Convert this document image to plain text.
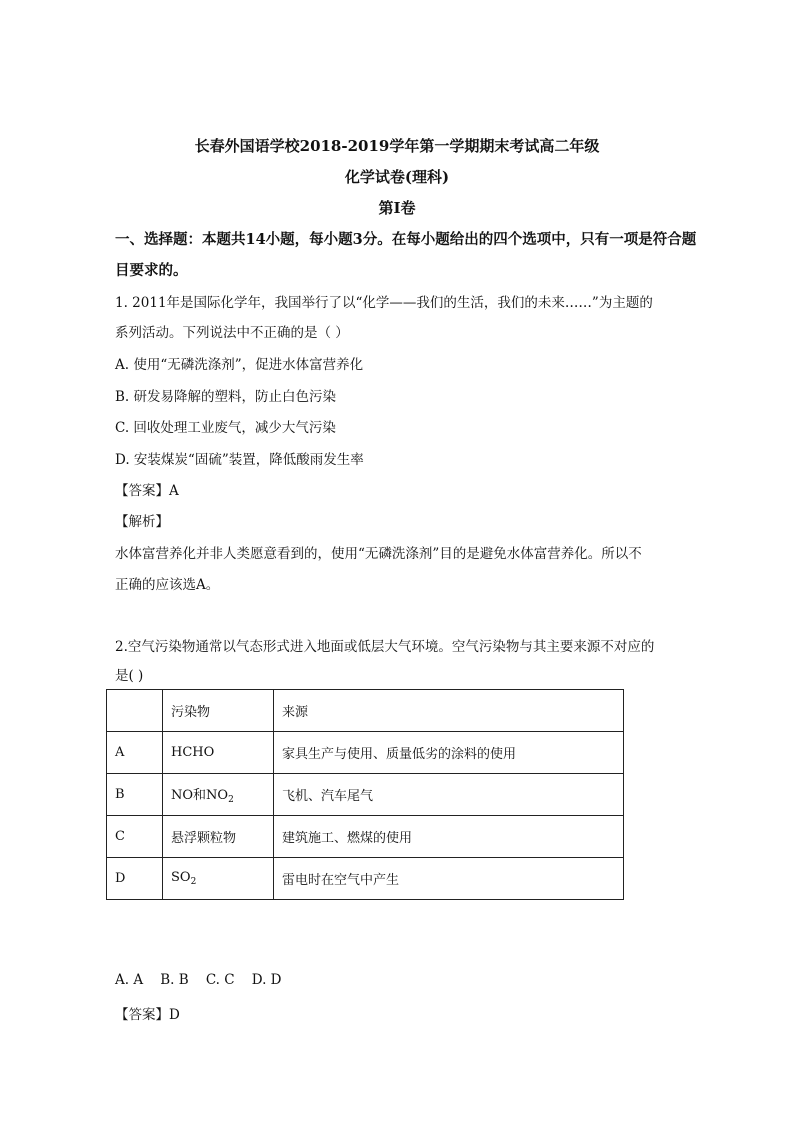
长春外国语学校2018-2019学年第一学期期末考试高二年级
化学试卷(理科)
第Ⅰ卷
一、选择题：本题共14小题，每小题3分。在每小题给出的四个选项中，只有一项是符合题
目要求的。
1. 2011年是国际化学年，我国举行了以“化学——我们的生活，我们的未来……”为主题的
系列活动。下列说法中不正确的是（ ）
A. 使用“无磷洗涤剂”，促进水体富营养化
B. 研发易降解的塑料，防止白色污染
C. 回收处理工业废气，减少大气污染
D. 安装煤炭“固硫”装置，降低酸雨发生率
【答案】A
【解析】
水体富营养化并非人类愿意看到的，使用“无磷洗涤剂”目的是避免水体富营养化。所以不
正确的应该选A。
2.空气污染物通常以气态形式进入地面或低层大气环境。空气污染物与其主要来源不对应的
是( )
	污染物	来源
A	HCHO	家具生产与使用、质量低劣的涂料的使用
B	NO和$NO_2$	飞机、汽车尾气
C	悬浮颗粒物	建筑施工、燃煤的使用
D	$SO_2$	雷电时在空气中产生
A. A    B. B    C. C    D. D
【答案】D
